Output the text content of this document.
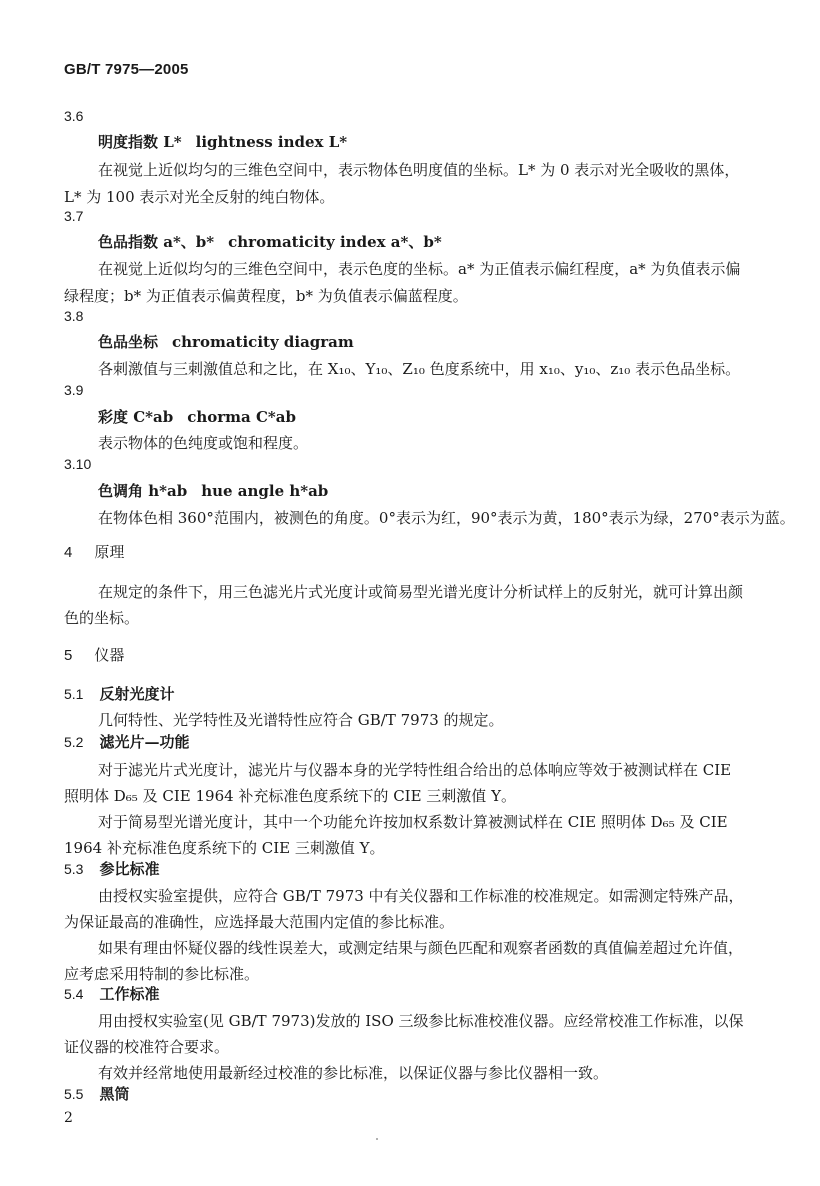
GB/T 7975—2005
3.6
明度指数 L* lightness index L*
在视觉上近似均匀的三维色空间中，表示物体色明度值的坐标。L* 为 0 表示对光全吸收的黑体，
L* 为 100 表示对光全反射的纯白物体。
3.7
色品指数 a*、b* chromaticity index a*、b*
在视觉上近似均匀的三维色空间中，表示色度的坐标。a* 为正值表示偏红程度，a* 为负值表示偏
绿程度；b* 为正值表示偏黄程度，b* 为负值表示偏蓝程度。
3.8
色品坐标 chromaticity diagram
各刺激值与三刺激值总和之比，在 X₁₀、Y₁₀、Z₁₀ 色度系统中，用 x₁₀、y₁₀、z₁₀ 表示色品坐标。
3.9
彩度 C*ab chorma C*ab
表示物体的色纯度或饱和程度。
3.10
色调角 h*ab hue angle h*ab
在物体色相 360°范围内，被测色的角度。0°表示为红，90°表示为黄，180°表示为绿，270°表示为蓝。
4 原理
在规定的条件下，用三色滤光片式光度计或简易型光谱光度计分析试样上的反射光，就可计算出颜
色的坐标。
5 仪器
5.1 反射光度计
几何特性、光学特性及光谱特性应符合 GB/T 7973 的规定。
5.2 滤光片—功能
对于滤光片式光度计，滤光片与仪器本身的光学特性组合给出的总体响应等效于被测试样在 CIE
照明体 D₆₅ 及 CIE 1964 补充标准色度系统下的 CIE 三刺激值 Y。
对于简易型光谱光度计，其中一个功能允许按加权系数计算被测试样在 CIE 照明体 D₆₅ 及 CIE
1964 补充标准色度系统下的 CIE 三刺激值 Y。
5.3 参比标准
由授权实验室提供，应符合 GB/T 7973 中有关仪器和工作标准的校准规定。如需测定特殊产品，
为保证最高的准确性，应选择最大范围内定值的参比标准。
如果有理由怀疑仪器的线性误差大，或测定结果与颜色匹配和观察者函数的真值偏差超过允许值，
应考虑采用特制的参比标准。
5.4 工作标准
用由授权实验室(见 GB/T 7973)发放的 ISO 三级参比标准校准仪器。应经常校准工作标准，以保
证仪器的校准符合要求。
有效并经常地使用最新经过校准的参比标准，以保证仪器与参比仪器相一致。
5.5 黑筒
2
